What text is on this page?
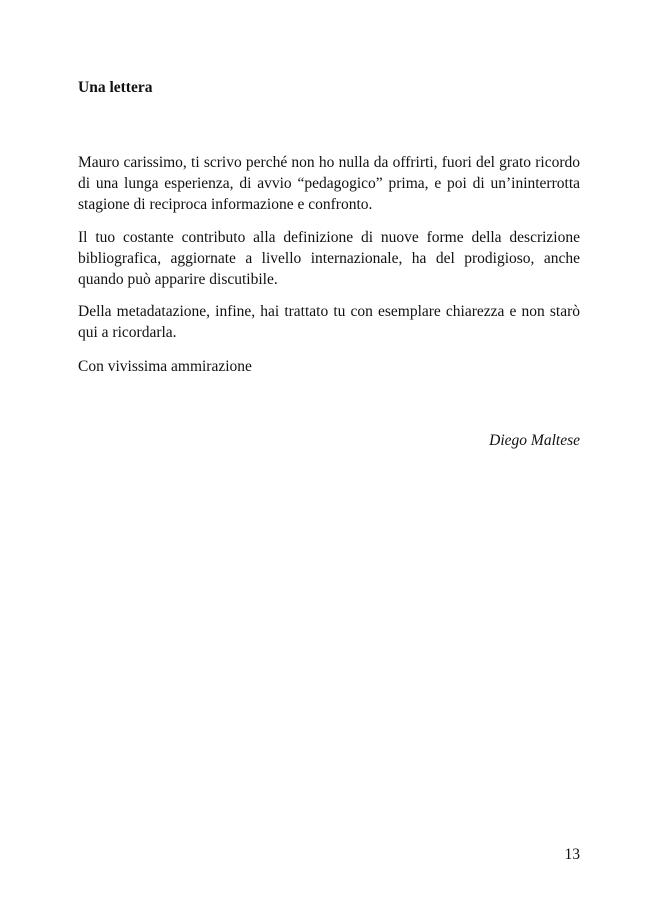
Una lettera

Mauro carissimo, ti scrivo perché non ho nulla da offrirti, fuori del grato ricordo di una lunga esperienza, di avvio “pedagogico” prima, e poi di un’ininterrotta stagione di reciproca informazione e confronto.

Il tuo costante contributo alla definizione di nuove forme della descrizione bibliografica, aggiornate a livello internazionale, ha del prodigioso, anche quando può apparire discutibile.

Della metadatazione, infine, hai trattato tu con esemplare chiarezza e non starò qui a ricordarla.

Con vivissima ammirazione

Diego Maltese

13
